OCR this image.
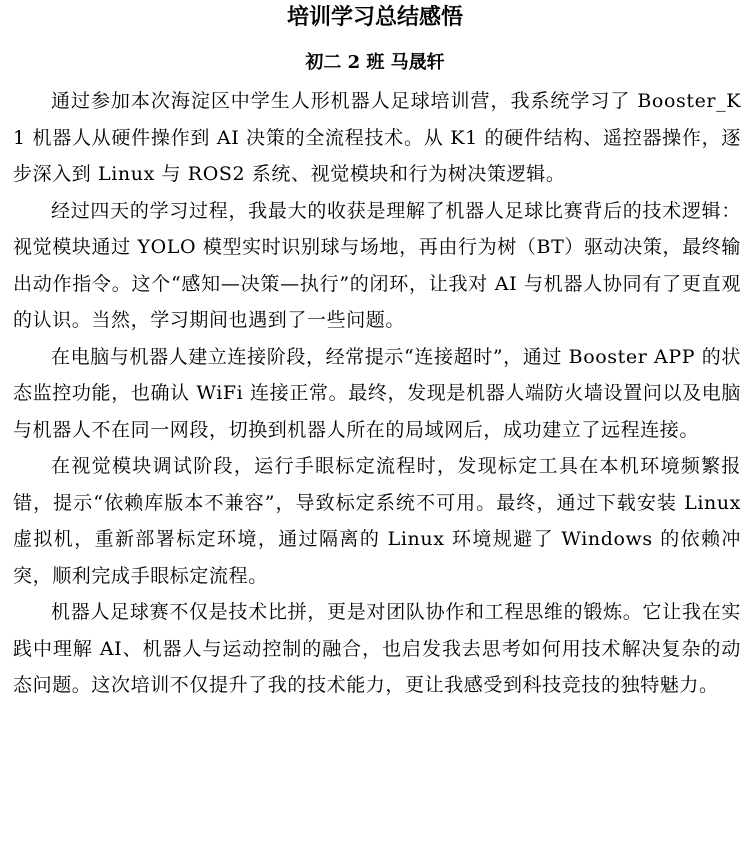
培训学习总结感悟
初二 2 班 马晟轩

通过参加本次海淀区中学生人形机器人足球培训营，我系统学习了 Booster_K1 机器人从硬件操作到 AI 决策的全流程技术。从 K1 的硬件结构、遥控器操作，逐步深入到 Linux 与 ROS2 系统、视觉模块和行为树决策逻辑。

经过四天的学习过程，我最大的收获是理解了机器人足球比赛背后的技术逻辑：视觉模块通过 YOLO 模型实时识别球与场地，再由行为树（BT）驱动决策，最终输出动作指令。这个“感知—决策—执行”的闭环，让我对 AI 与机器人协同有了更直观的认识。当然，学习期间也遇到了一些问题。

在电脑与机器人建立连接阶段，经常提示“连接超时”，通过 Booster APP 的状态监控功能，也确认 WiFi 连接正常。最终，发现是机器人端防火墙设置问以及电脑与机器人不在同一网段，切换到机器人所在的局域网后，成功建立了远程连接。

在视觉模块调试阶段，运行手眼标定流程时，发现标定工具在本机环境频繁报错，提示“依赖库版本不兼容”，导致标定系统不可用。最终，通过下载安装 Linux 虚拟机，重新部署标定环境，通过隔离的 Linux 环境规避了 Windows 的依赖冲突，顺利完成手眼标定流程。

机器人足球赛不仅是技术比拼，更是对团队协作和工程思维的锻炼。它让我在实践中理解 AI、机器人与运动控制的融合，也启发我去思考如何用技术解决复杂的动态问题。这次培训不仅提升了我的技术能力，更让我感受到科技竞技的独特魅力。
